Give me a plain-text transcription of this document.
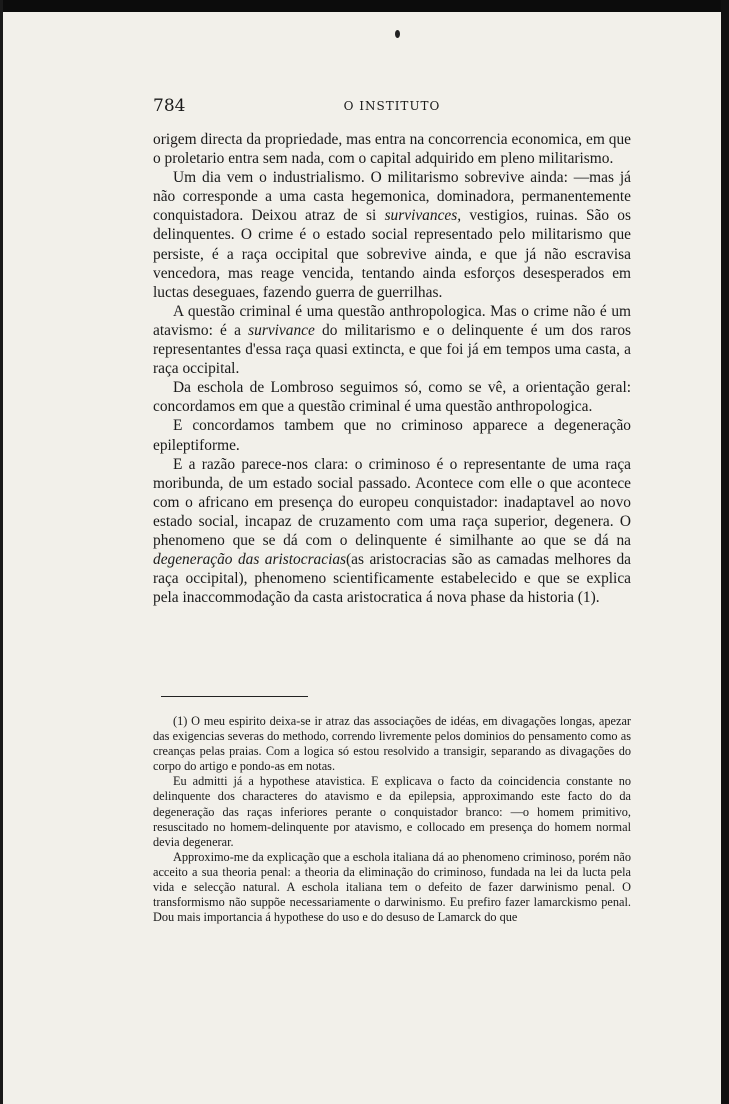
784	O INSTITUTO

origem directa da propriedade, mas entra na concorrencia economica, em que o proletario entra sem nada, com o capital adquirido em pleno militarismo.

Um dia vem o industrialismo. O militarismo sobrevive ainda: —mas já não corresponde a uma casta hegemonica, dominadora, permanentemente conquistadora. Deixou atraz de si survivances, vestigios, ruinas. São os delinquentes. O crime é o estado social representado pelo militarismo que persiste, é a raça occipital que sobrevive ainda, e que já não escravisa vencedora, mas reage vencida, tentando ainda esforços desesperados em luctas deseguaes, fazendo guerra de guerrilhas.

A questão criminal é uma questão anthropologica. Mas o crime não é um atavismo: é a survivance do militarismo e o delinquente é um dos raros representantes d'essa raça quasi extincta, e que foi já em tempos uma casta, a raça occipital.

Da eschola de Lombroso seguimos só, como se vê, a orientação geral: concordamos em que a questão criminal é uma questão anthropologica.

E concordamos tambem que no criminoso apparece a degeneração epileptiforme.

E a razão parece-nos clara: o criminoso é o representante de uma raça moribunda, de um estado social passado. Acontece com elle o que acontece com o africano em presença do europeu conquistador: inadaptavel ao novo estado social, incapaz de cruzamento com uma raça superior, degenera. O phenomeno que se dá com o delinquente é similhante ao que se dá na degeneração das aristocracias(as aristocracias são as camadas melhores da raça occipital), phenomeno scientificamente estabelecido e que se explica pela inaccommodação da casta aristocratica á nova phase da historia (1).

(1) O meu espirito deixa-se ir atraz das associações de idéas, em divagações longas, apezar das exigencias severas do methodo, correndo livremente pelos dominios do pensamento como as creanças pelas praias. Com a logica só estou resolvido a transigir, separando as divagações do corpo do artigo e pondo-as em notas.

Eu admitti já a hypothese atavistica. E explicava o facto da coincidencia constante no delinquente dos characteres do atavismo e da epilepsia, approximando este facto do da degeneração das raças inferiores perante o conquistador branco: —o homem primitivo, resuscitado no homem-delinquente por atavismo, e collocado em presença do homem normal devia degenerar.

Approximo-me da explicação que a eschola italiana dá ao phenomeno criminoso, porém não acceito a sua theoria penal: a theoria da eliminação do criminoso, fundada na lei da lucta pela vida e selecção natural. A eschola italiana tem o defeito de fazer darwinismo penal. O transformismo não suppõe necessariamente o darwinismo. Eu prefiro fazer lamarckismo penal. Dou mais importancia á hypothese do uso e do desuso de Lamarck do que
